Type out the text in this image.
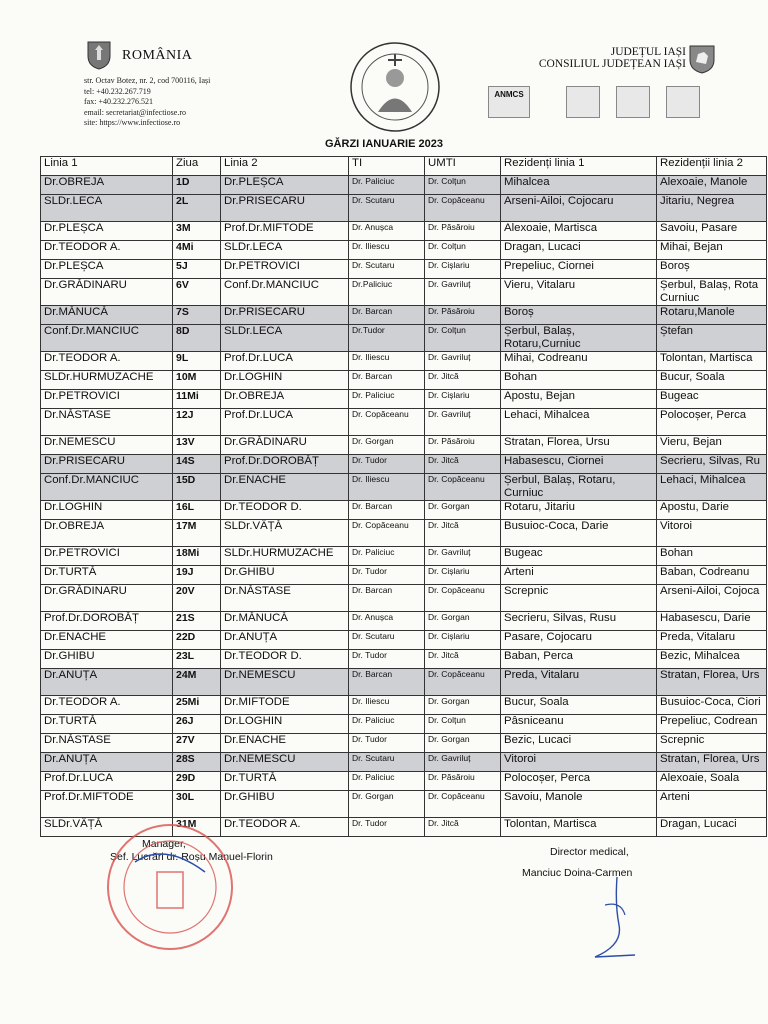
ROMÂNIA
str. Octav Botez, nr. 2, cod 700116, Iași
tel: +40.232.267.719
fax: +40.232.276.521
email: secretariat@infectiose.ro
site: https://www.infectiose.ro
JUDEȚUL IAȘI
CONSILIUL JUDEȚEAN IAȘI
ANMCS
GĂRZI IANUARIE 2023
Linia 1	Ziua	Linia 2	TI	UMTI	Rezidenți linia 1	Rezidenții linia 2
Dr.OBREJA	1D	Dr.PLEȘCA	Dr. Paliciuc	Dr. Colțun	Mihalcea	Alexoaie, Manole
SLDr.LECA	2L	Dr.PRISECARU	Dr. Scutaru	Dr. Copăceanu	Arseni-Ailoi, Cojocaru	Jitariu, Negrea
Dr.PLEȘCA	3M	Prof.Dr.MIFTODE	Dr. Anușca	Dr. Păsăroiu	Alexoaie, Martisca	Savoiu, Pasare
Dr.TEODOR A.	4Mi	SLDr.LECA	Dr. Iliescu	Dr. Colțun	Dragan, Lucaci	Mihai, Bejan
Dr.PLEȘCA	5J	Dr.PETROVICI	Dr. Scutaru	Dr. Cișlariu	Prepeliuc, Ciornei	Boroș
Dr.GRĂDINARU	6V	Conf.Dr.MANCIUC	Dr.Paliciuc	Dr. Gavriluț	Vieru, Vitalaru	Șerbul, Balaș, Rota Curniuc
Dr.MĂNUCĂ	7S	Dr.PRISECARU	Dr. Barcan	Dr. Păsăroiu	Boroș	Rotaru,Manole
Conf.Dr.MANCIUC	8D	SLDr.LECA	Dr.Tudor	Dr. Colțun	Șerbul, Balaș, Rotaru,Curniuc	Ștefan
Dr.TEODOR A.	9L	Prof.Dr.LUCA	Dr. Iliescu	Dr. Gavriluț	Mihai, Codreanu	Tolontan, Martisca
SLDr.HURMUZACHE	10M	Dr.LOGHIN	Dr. Barcan	Dr. Jitcă	Bohan	Bucur, Soala
Dr.PETROVICI	11Mi	Dr.OBREJA	Dr. Paliciuc	Dr. Cișlariu	Apostu, Bejan	Bugeac
Dr.NĂSTASE	12J	Prof.Dr.LUCA	Dr. Copăceanu	Dr. Gavriluț	Lehaci, Mihalcea	Polocoșer, Perca
Dr.NEMESCU	13V	Dr.GRĂDINARU	Dr. Gorgan	Dr. Păsăroiu	Stratan, Florea, Ursu	Vieru, Bejan
Dr.PRISECARU	14S	Prof.Dr.DOROBĂȚ	Dr. Tudor	Dr. Jitcă	Habasescu, Ciornei	Secrieru, Silvas, Ru
Conf.Dr.MANCIUC	15D	Dr.ENACHE	Dr. Iliescu	Dr. Copăceanu	Șerbul, Balaș, Rotaru, Curniuc	Lehaci, Mihalcea
Dr.LOGHIN	16L	Dr.TEODOR D.	Dr. Barcan	Dr. Gorgan	Rotaru, Jitariu	Apostu, Darie
Dr.OBREJA	17M	SLDr.VÂȚĂ	Dr. Copăceanu	Dr. Jitcă	Busuioc-Coca, Darie	Vitoroi
Dr.PETROVICI	18Mi	SLDr.HURMUZACHE	Dr. Paliciuc	Dr. Gavriluț	Bugeac	Bohan
Dr.TURTĂ	19J	Dr.GHIBU	Dr. Tudor	Dr. Cișlariu	Arteni	Baban, Codreanu
Dr.GRĂDINARU	20V	Dr.NĂSTASE	Dr. Barcan	Dr. Copăceanu	Screpnic	Arseni-Ailoi, Cojoca
Prof.Dr.DOROBĂȚ	21S	Dr.MĂNUCĂ	Dr. Anușca	Dr. Gorgan	Secrieru, Silvas, Rusu	Habasescu, Darie
Dr.ENACHE	22D	Dr.ANUȚA	Dr. Scutaru	Dr. Cișlariu	Pasare, Cojocaru	Preda, Vitalaru
Dr.GHIBU	23L	Dr.TEODOR D.	Dr. Tudor	Dr. Jitcă	Baban, Perca	Bezic, Mihalcea
Dr.ANUȚA	24M	Dr.NEMESCU	Dr. Barcan	Dr. Copăceanu	Preda, Vitalaru	Stratan, Florea, Urs
Dr.TEODOR A.	25Mi	Dr.MIFTODE	Dr. Iliescu	Dr. Gorgan	Bucur, Soala	Busuioc-Coca, Ciori
Dr.TURTĂ	26J	Dr.LOGHIN	Dr. Paliciuc	Dr. Colțun	Pâsniceanu	Prepeliuc, Codrean
Dr.NĂSTASE	27V	Dr.ENACHE	Dr. Tudor	Dr. Gorgan	Bezic, Lucaci	Screpnic
Dr.ANUȚA	28S	Dr.NEMESCU	Dr. Scutaru	Dr. Gavriluț	Vitoroi	Stratan, Florea, Urs
Prof.Dr.LUCA	29D	Dr.TURTĂ	Dr. Paliciuc	Dr. Păsăroiu	Polocoșer, Perca	Alexoaie, Soala
Prof.Dr.MIFTODE	30L	Dr.GHIBU	Dr. Gorgan	Dr. Copăceanu	Savoiu, Manole	Arteni
SLDr.VÂȚĂ	31M	Dr.TEODOR A.	Dr. Tudor	Dr. Jitcă	Tolontan, Martisca	Dragan, Lucaci
Manager,
Șef. Lucrări dr. Roșu Manuel-Florin	Director medical,
Manciuc Doina-Carmen
